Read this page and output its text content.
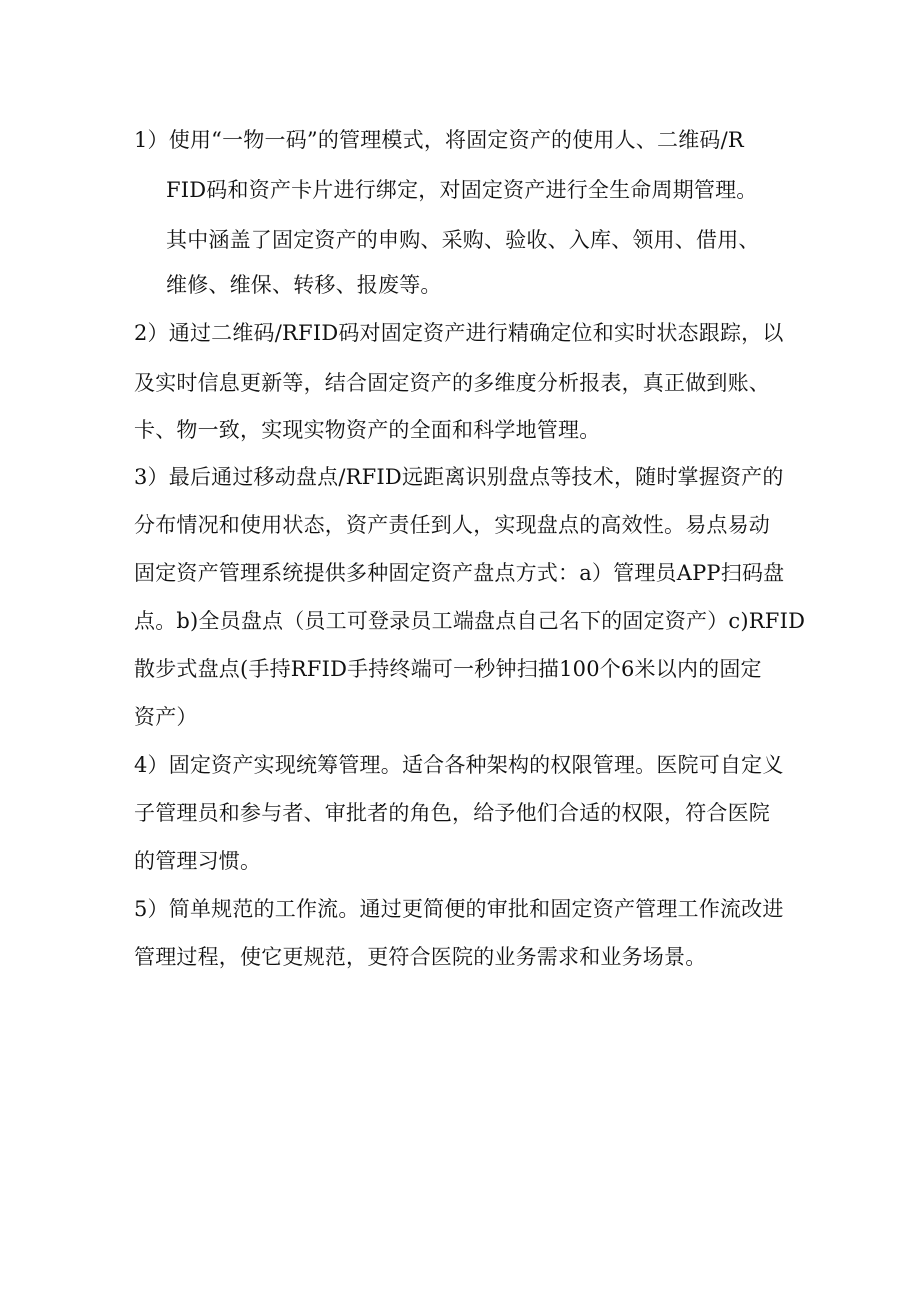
1）使用“一物一码”的管理模式，将固定资产的使用人、二维码/R
FID码和资产卡片进行绑定，对固定资产进行全生命周期管理。
其中涵盖了固定资产的申购、采购、验收、入库、领用、借用、
维修、维保、转移、报废等。
2）通过二维码/RFID码对固定资产进行精确定位和实时状态跟踪，以
及实时信息更新等，结合固定资产的多维度分析报表，真正做到账、
卡、物一致，实现实物资产的全面和科学地管理。
3）最后通过移动盘点/RFID远距离识别盘点等技术，随时掌握资产的
分布情况和使用状态，资产责任到人，实现盘点的高效性。易点易动
固定资产管理系统提供多种固定资产盘点方式：a）管理员APP扫码盘
点。b)全员盘点（员工可登录员工端盘点自己名下的固定资产）c)RFID
散步式盘点(手持RFID手持终端可一秒钟扫描100个6米以内的固定
资产）
4）固定资产实现统筹管理。适合各种架构的权限管理。医院可自定义
子管理员和参与者、审批者的角色，给予他们合适的权限，符合医院
的管理习惯。
5）简单规范的工作流。通过更简便的审批和固定资产管理工作流改进
管理过程，使它更规范，更符合医院的业务需求和业务场景。
